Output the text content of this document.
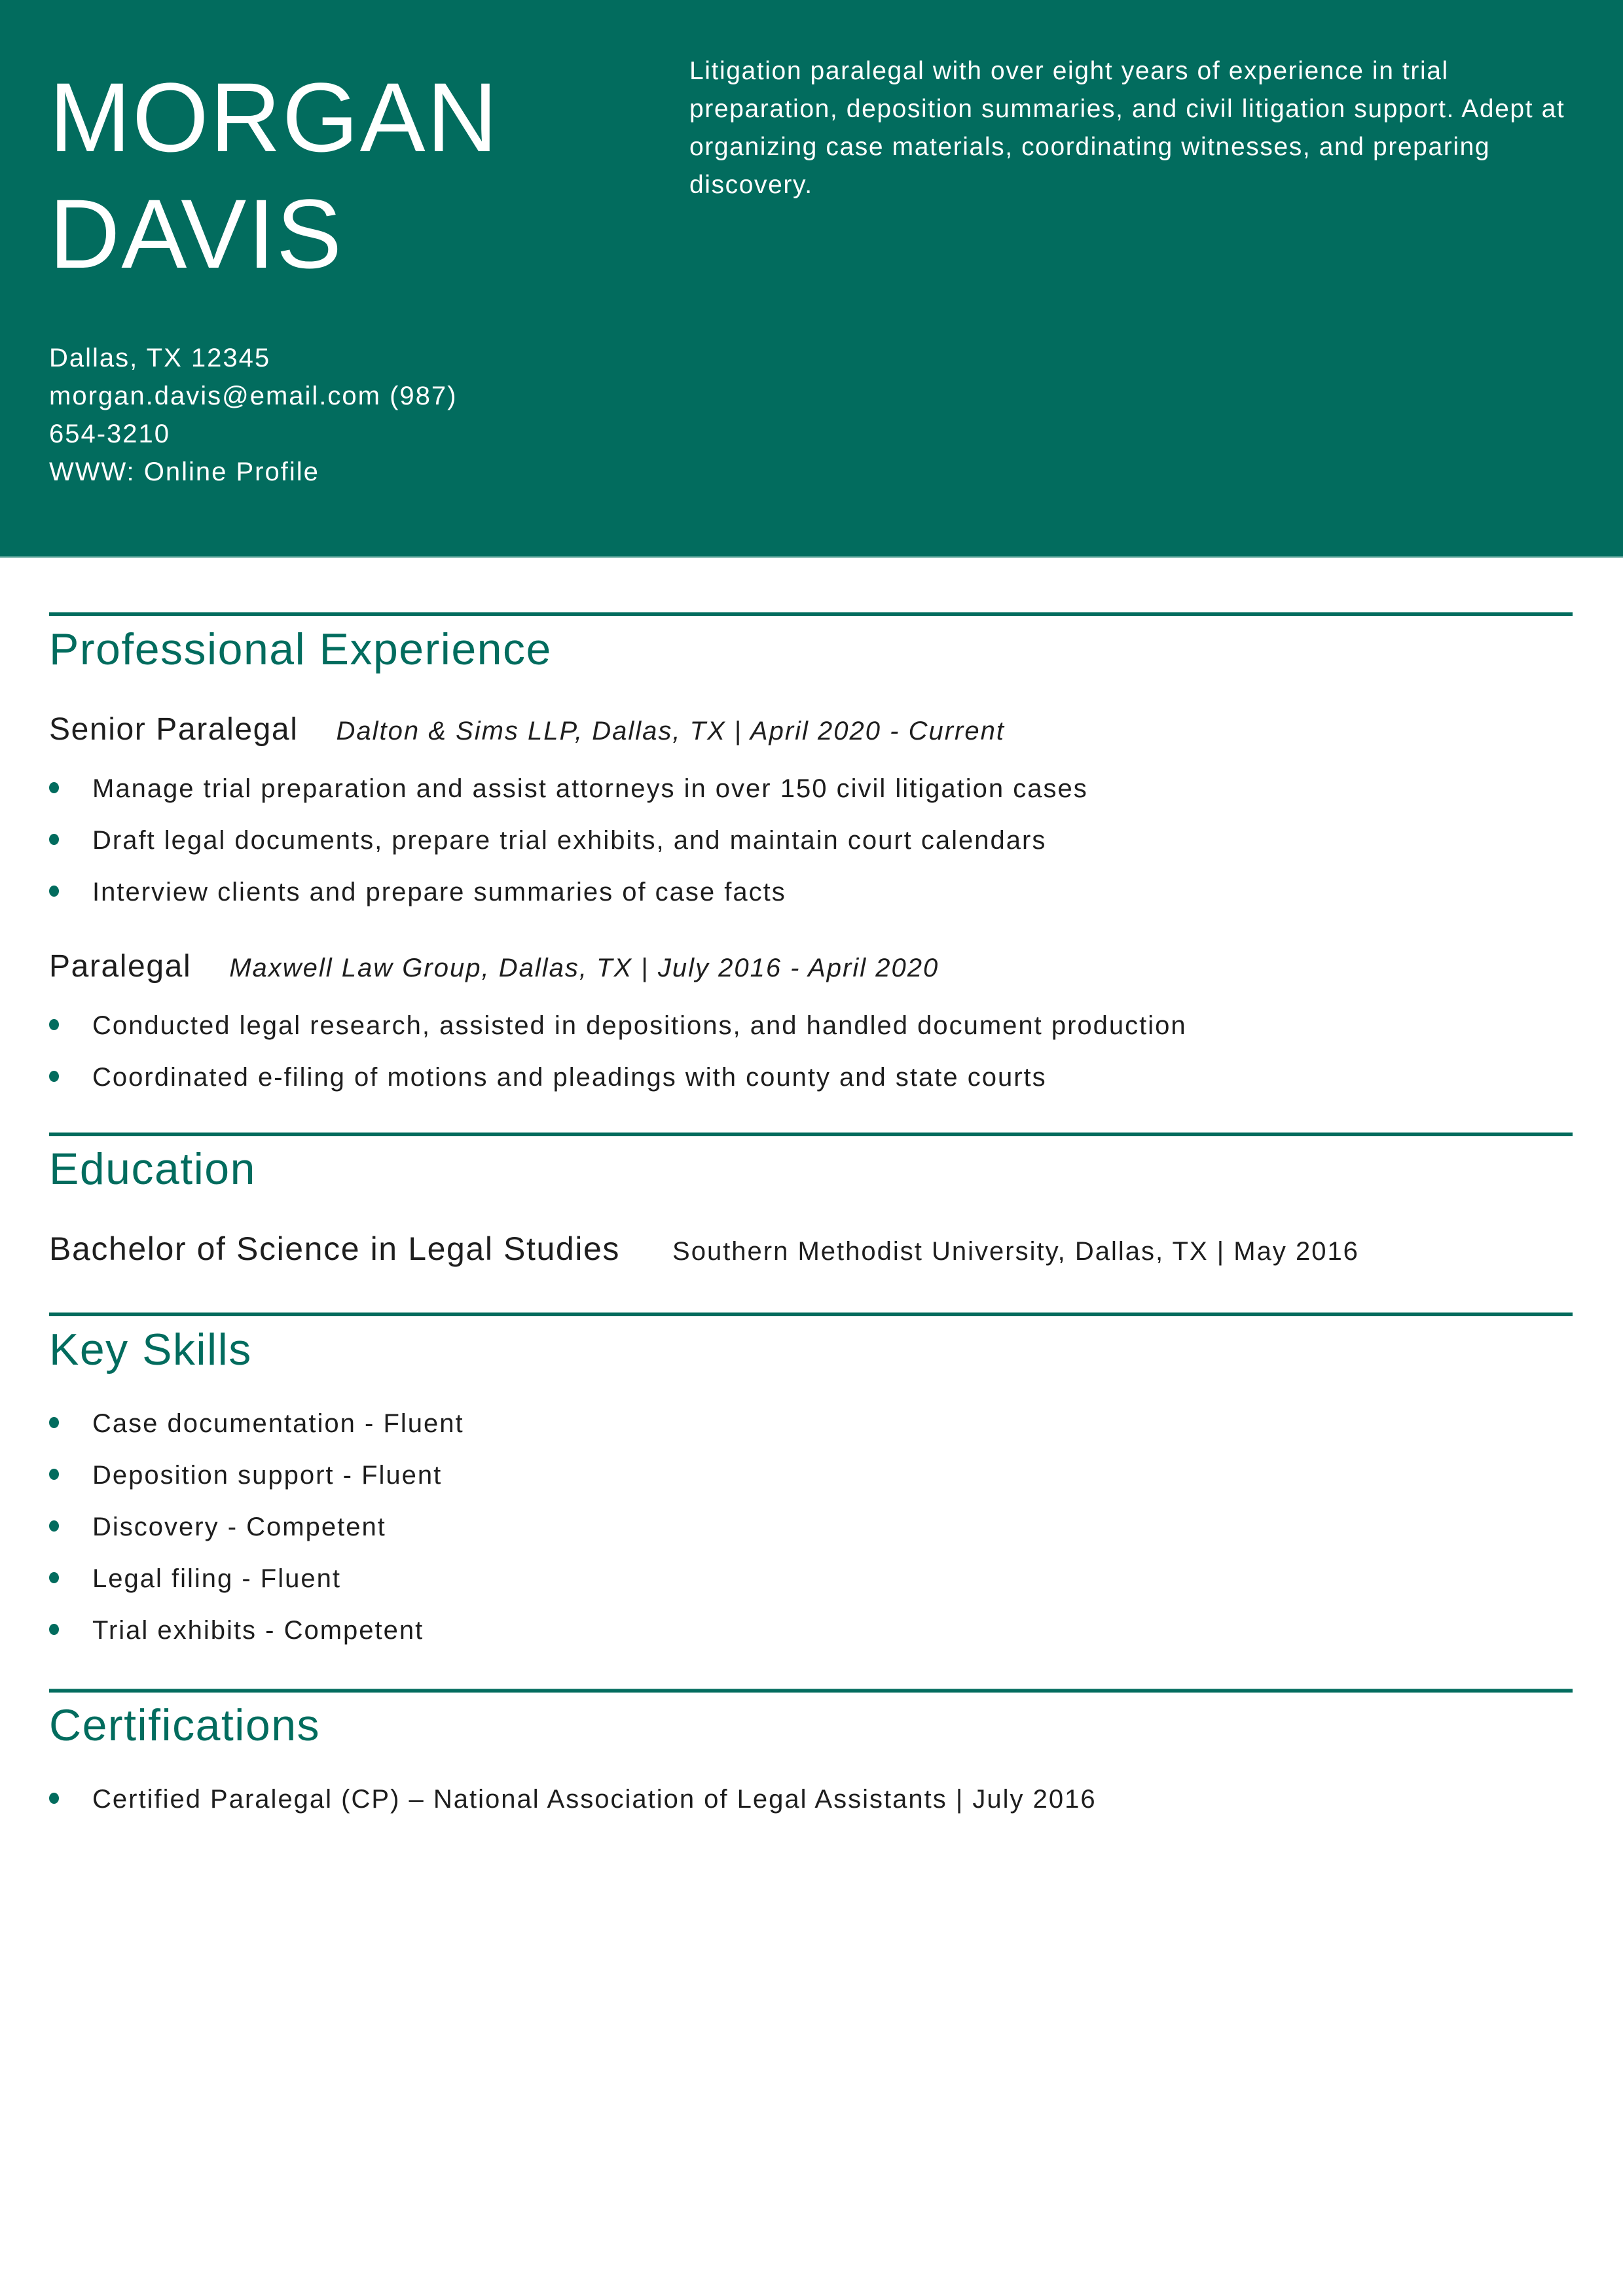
MORGAN
DAVIS
Dallas, TX 12345
morgan.davis@email.com (987)
654-3210
WWW: Online Profile
Litigation paralegal with over eight years of experience in trial preparation, deposition summaries, and civil litigation support. Adept at organizing case materials, coordinating witnesses, and preparing discovery.
Professional Experience
Senior Paralegal Dalton & Sims LLP, Dallas, TX | April 2020 - Current
Manage trial preparation and assist attorneys in over 150 civil litigation cases
Draft legal documents, prepare trial exhibits, and maintain court calendars
Interview clients and prepare summaries of case facts
Paralegal Maxwell Law Group, Dallas, TX | July 2016 - April 2020
Conducted legal research, assisted in depositions, and handled document production
Coordinated e-filing of motions and pleadings with county and state courts
Education
Bachelor of Science in Legal Studies Southern Methodist University, Dallas, TX | May 2016
Key Skills
Case documentation - Fluent
Deposition support - Fluent
Discovery - Competent
Legal filing - Fluent
Trial exhibits - Competent
Certifications
Certified Paralegal (CP) – National Association of Legal Assistants | July 2016
